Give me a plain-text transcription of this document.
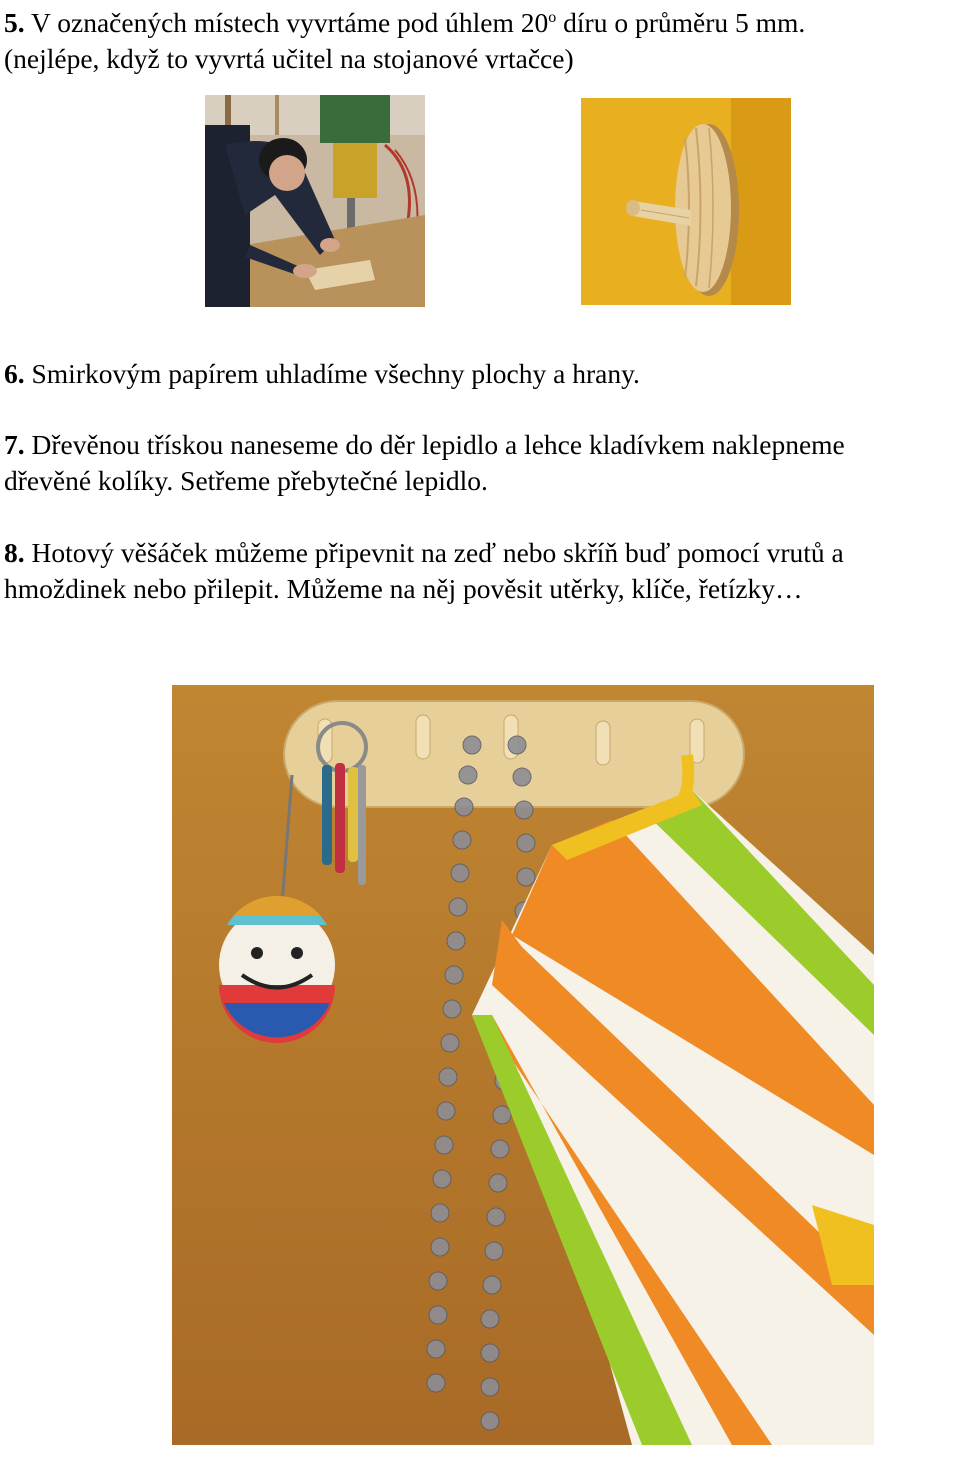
5. V označených místech vyvrtáme pod úhlem 20$^o$ díru o průměru 5 mm.
(nejlépe, když to vyvrtá učitel na stojanové vrtačce)

6. Smirkovým papírem uhladíme všechny plochy a hrany.

7. Dřevěnou třískou naneseme do děr lepidlo a lehce kladívkem naklepneme
dřevěné kolíky. Setřeme přebytečné lepidlo.

8. Hotový věšáček můžeme připevnit na zeď nebo skříň buď pomocí vrutů a
hmoždinek nebo přilepit. Můžeme na něj pověsit utěrky, klíče, řetízky…
